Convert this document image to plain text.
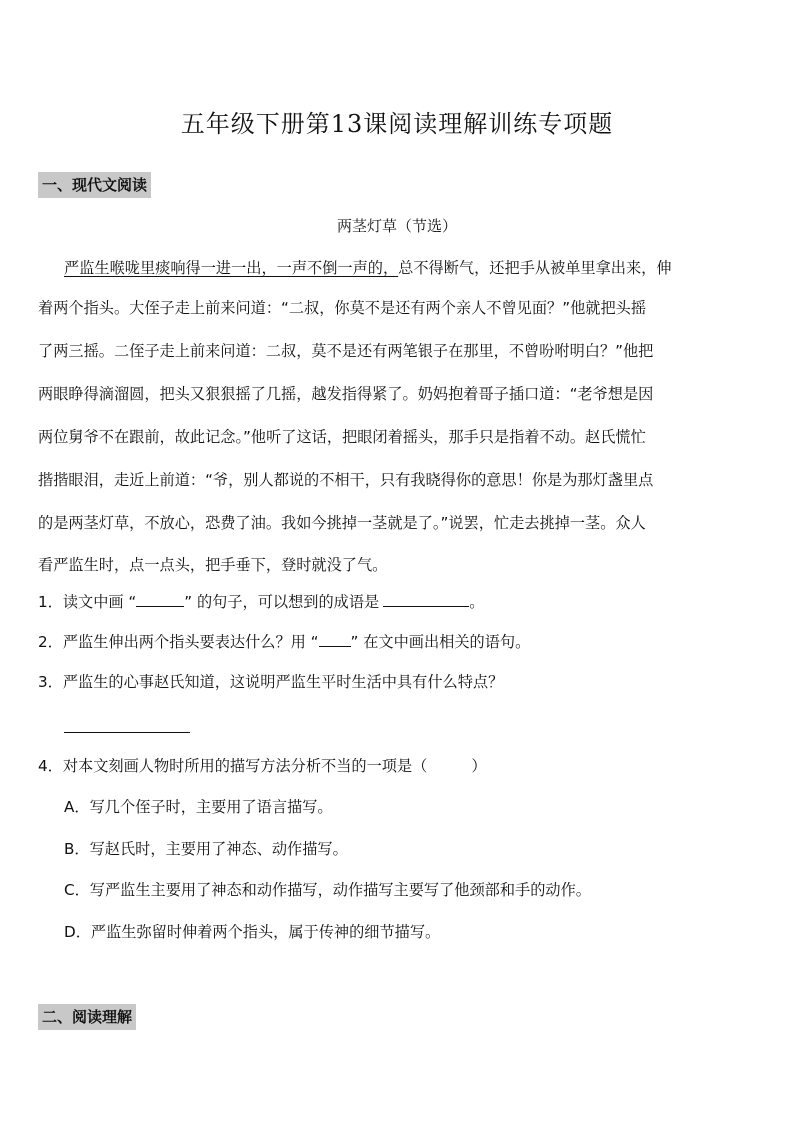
五年级下册第13课阅读理解训练专项题
一、现代文阅读
两茎灯草（节选）
严监生喉咙里痰响得一进一出，一声不倒一声的，总不得断气，还把手从被单里拿出来，伸
着两个指头。大侄子走上前来问道：“二叔，你莫不是还有两个亲人不曾见面？”他就把头摇
了两三摇。二侄子走上前来问道：二叔，莫不是还有两笔银子在那里，不曾吩咐明白？”他把
两眼睁得滴溜圆，把头又狠狠摇了几摇，越发指得紧了。奶妈抱着哥子插口道：“老爷想是因
两位舅爷不在跟前，故此记念。”他听了这话，把眼闭着摇头，那手只是指着不动。赵氏慌忙
揩揩眼泪，走近上前道：“爷，别人都说的不相干，只有我晓得你的意思！你是为那灯盏里点
的是两茎灯草，不放心，恐费了油。我如今挑掉一茎就是了。”说罢，忙走去挑掉一茎。众人
看严监生时，点一点头，把手垂下，登时就没了气。
1．读文中画 “	” 的句子，可以想到的成语是	。
2．严监生伸出两个指头要表达什么？用 “ ” 在文中画出相关的语句。
3．严监生的心事赵氏知道，这说明严监生平时生活中具有什么特点？
4．对本文刻画人物时所用的描写方法分析不当的一项是（	）
A．写几个侄子时，主要用了语言描写。
B．写赵氏时，主要用了神态、动作描写。
C．写严监生主要用了神态和动作描写，动作描写主要写了他颈部和手的动作。
D．严监生弥留时伸着两个指头，属于传神的细节描写。
二、阅读理解
